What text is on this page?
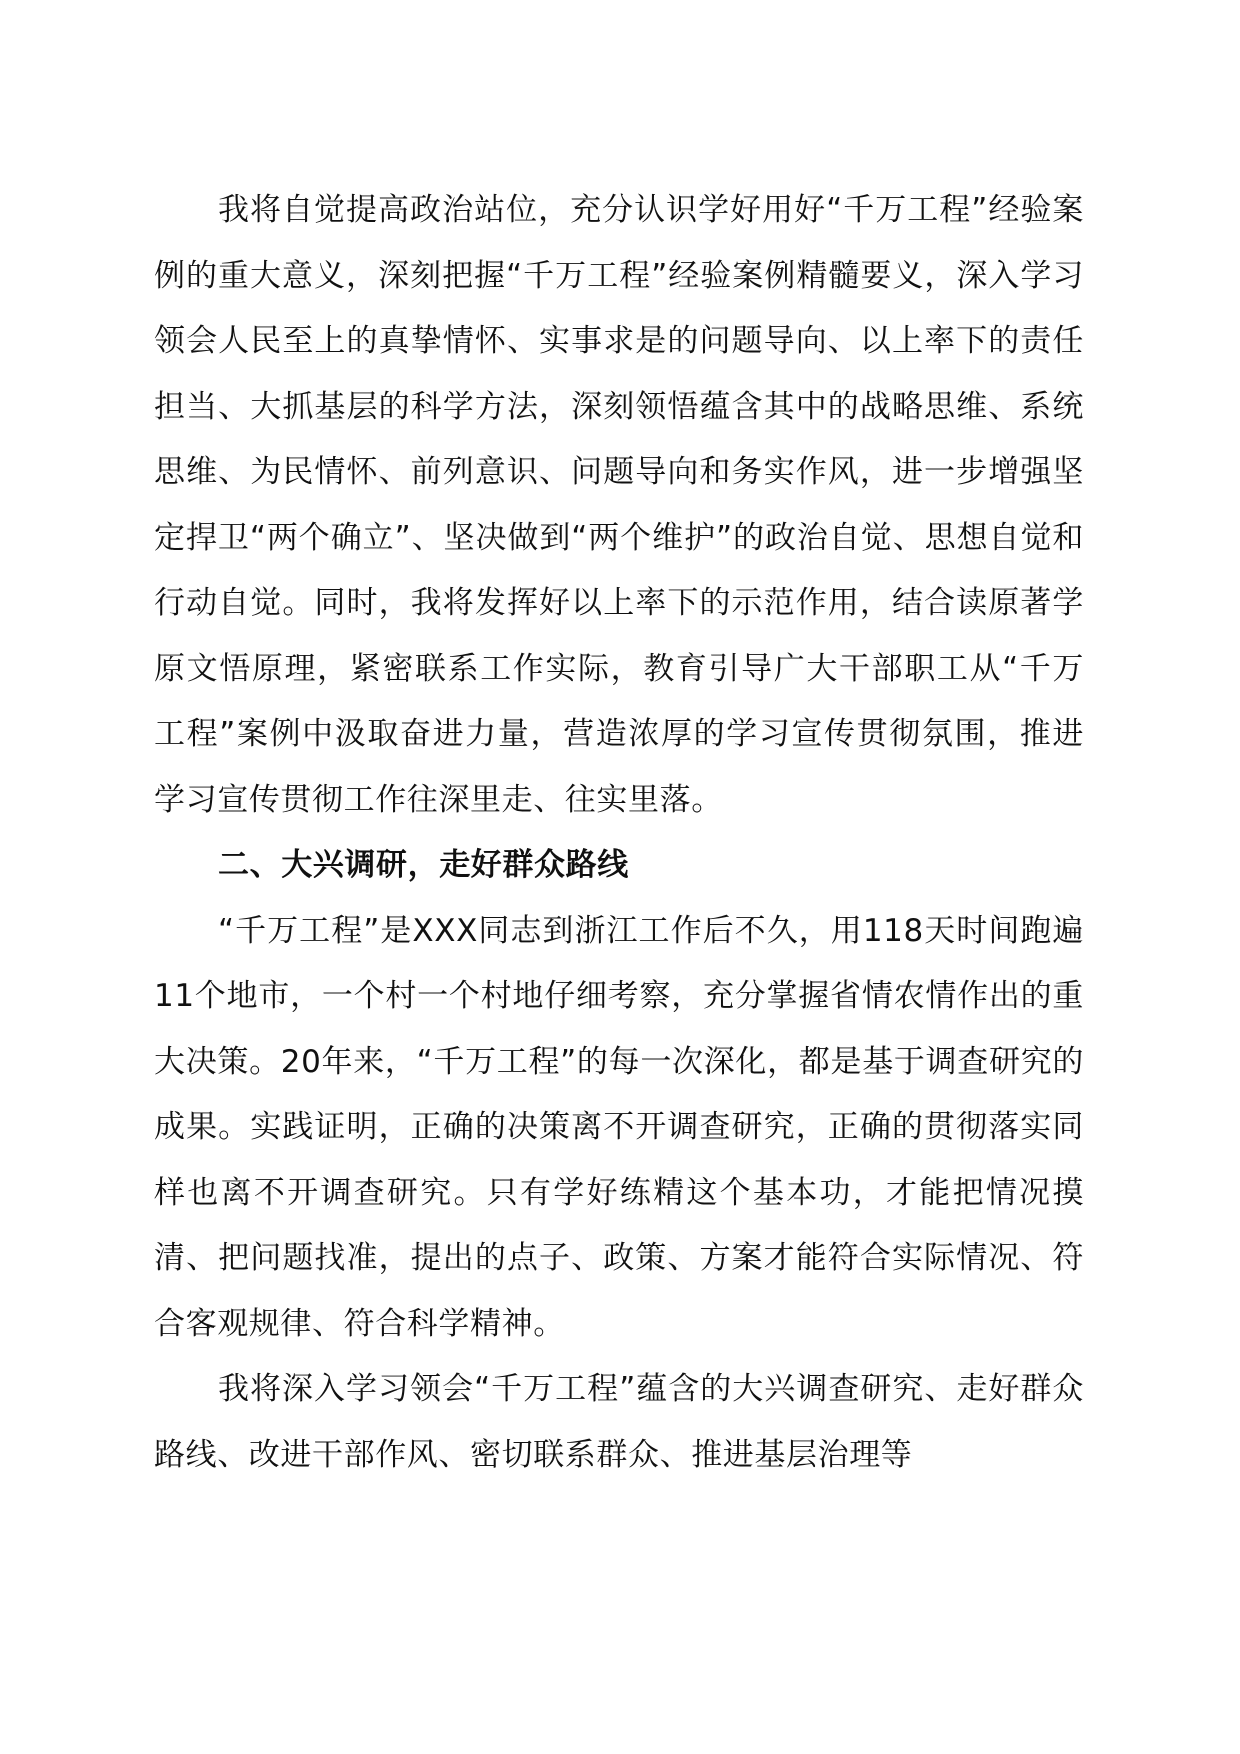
我将自觉提高政治站位，充分认识学好用好“千万工程”经验案例的重大意义，深刻把握“千万工程”经验案例精髓要义，深入学习领会人民至上的真挚情怀、实事求是的问题导向、以上率下的责任担当、大抓基层的科学方法，深刻领悟蕴含其中的战略思维、系统思维、为民情怀、前列意识、问题导向和务实作风，进一步增强坚定捍卫“两个确立”、坚决做到“两个维护”的政治自觉、思想自觉和行动自觉。同时，我将发挥好以上率下的示范作用，结合读原著学原文悟原理，紧密联系工作实际，教育引导广大干部职工从“千万工程”案例中汲取奋进力量，营造浓厚的学习宣传贯彻氛围，推进学习宣传贯彻工作往深里走、往实里落。

二、大兴调研，走好群众路线

“千万工程”是XXX同志到浙江工作后不久，用118天时间跑遍11个地市，一个村一个村地仔细考察，充分掌握省情农情作出的重大决策。20年来，“千万工程”的每一次深化，都是基于调查研究的成果。实践证明，正确的决策离不开调查研究，正确的贯彻落实同样也离不开调查研究。只有学好练精这个基本功，才能把情况摸清、把问题找准，提出的点子、政策、方案才能符合实际情况、符合客观规律、符合科学精神。

我将深入学习领会“千万工程”蕴含的大兴调查研究、走好群众路线、改进干部作风、密切联系群众、推进基层治理等
